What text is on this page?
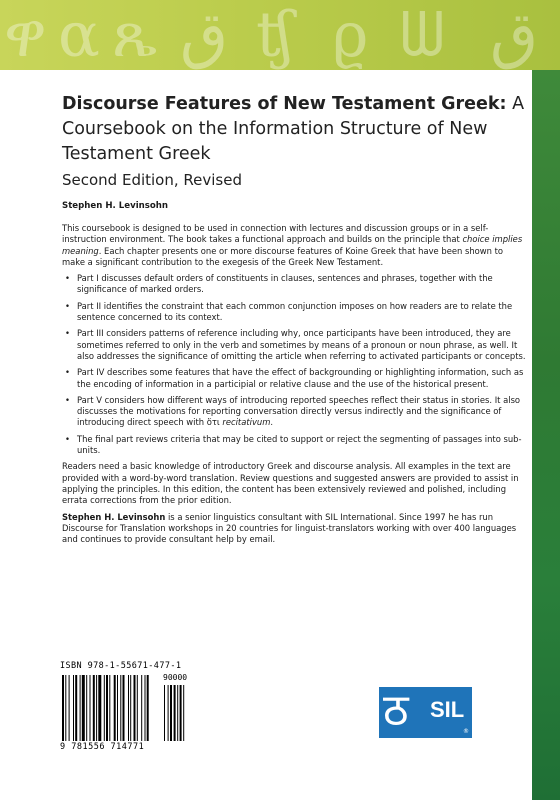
ዋ α ጼ ﻕ ʧ ϱ ᗯ ق
Discourse Features of New Testament Greek: A Coursebook on the Information Structure of New Testament Greek
Second Edition, Revised
Stephen H. Levinsohn

This coursebook is designed to be used in connection with lectures and discussion groups or in a self-instruction environment. The book takes a functional approach and builds on the principle that choice implies meaning. Each chapter presents one or more discourse features of Koine Greek that have been shown to make a significant contribution to the exegesis of the Greek New Testament.

• Part I discusses default orders of constituents in clauses, sentences and phrases, together with the significance of marked orders.
• Part II identifies the constraint that each common conjunction imposes on how readers are to relate the sentence concerned to its context.
• Part III considers patterns of reference including why, once participants have been introduced, they are sometimes referred to only in the verb and sometimes by means of a pronoun or noun phrase, as well. It also addresses the significance of omitting the article when referring to activated participants or concepts.
• Part IV describes some features that have the effect of backgrounding or highlighting information, such as the encoding of information in a participial or relative clause and the use of the historical present.
• Part V considers how different ways of introducing reported speeches reflect their status in stories. It also discusses the motivations for reporting conversation directly versus indirectly and the significance of introducing direct speech with ὅτι recitativum.
• The final part reviews criteria that may be cited to support or reject the segmenting of passages into sub-units.

Readers need a basic knowledge of introductory Greek and discourse analysis. All examples in the text are provided with a word-by-word translation. Review questions and suggested answers are provided to assist in applying the principles. In this edition, the content has been extensively reviewed and polished, including errata corrections from the prior edition.

Stephen H. Levinsohn is a senior linguistics consultant with SIL International. Since 1997 he has run Discourse for Translation workshops in 20 countries for linguist-translators working with over 400 languages and continues to provide consultant help by email.

ISBN 978-1-55671-477-1
90000
9 781556 714771
ठ SIL
®
